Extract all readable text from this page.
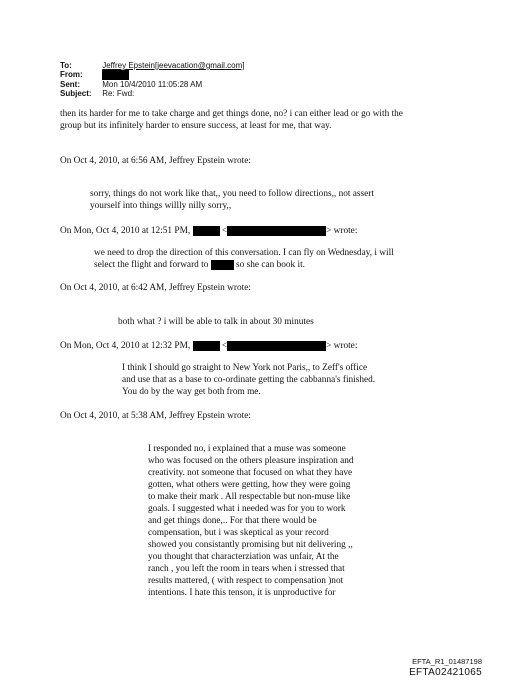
To:	Jeffrey Epstein[jeevacation@gmail.com]
From:
Sent:	Mon 10/4/2010 11:05:28 AM
Subject: Re: Fwd:
then its harder for me to take charge and get things done, no? i can either lead or go with the
group but its infinitely harder to ensure success, at least for me, that way.
On Oct 4, 2010, at 6:56 AM, Jeffrey Epstein wrote:
sorry, things do not work like that,, you need to follow directions,, not assert
yourself into things willly nilly sorry,,
On Mon, Oct 4, 2010 at 12:51 PM,	<	> wrote:
we need to drop the direction of this conversation. I can fly on Wednesday, i will
select the flight and forward to	so she can book it.
On Oct 4, 2010, at 6:42 AM, Jeffrey Epstein wrote:
both what ? i will be able to talk in about 30 minutes
On Mon, Oct 4, 2010 at 12:32 PM,	<	> wrote:
I think I should go straight to New York not Paris,, to Zeff's office
and use that as a base to co-ordinate getting the cabbanna's finished.
You do by the way get both from me.
On Oct 4, 2010, at 5:38 AM, Jeffrey Epstein wrote:
I responded no, i explained that a muse was someone
who was focused on the others pleasure inspiration and
creativity. not someone that focused on what they have
gotten, what others were getting, how they were going
to make their mark . All respectable but non-muse like
goals. I suggested what i needed was for you to work
and get things done,.. For that there would be
compensation, but i was skeptical as your record
showed you consistantly promising but nit delivering ,,
you thought that characterziation was unfair, At the
ranch , you left the room in tears when i stressed that
results mattered, ( with respect to compensation )not
intentions. I hate this tenson, it is unproductive for
EFTA_R1_01487198
EFTA02421065
